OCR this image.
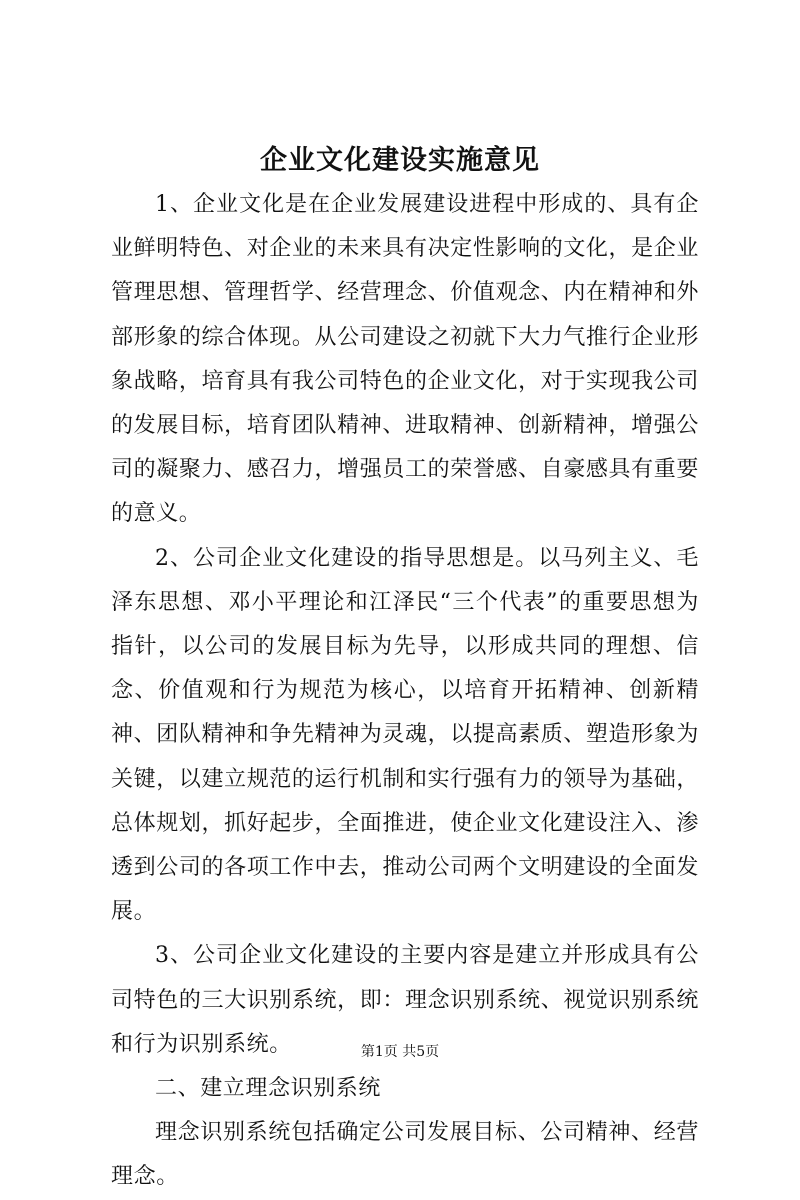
企业文化建设实施意见

1、企业文化是在企业发展建设进程中形成的、具有企业鲜明特色、对企业的未来具有决定性影响的文化，是企业管理思想、管理哲学、经营理念、价值观念、内在精神和外部形象的综合体现。从公司建设之初就下大力气推行企业形象战略，培育具有我公司特色的企业文化，对于实现我公司的发展目标，培育团队精神、进取精神、创新精神，增强公司的凝聚力、感召力，增强员工的荣誉感、自豪感具有重要的意义。

2、公司企业文化建设的指导思想是。以马列主义、毛泽东思想、邓小平理论和江泽民“三个代表”的重要思想为指针，以公司的发展目标为先导，以形成共同的理想、信念、价值观和行为规范为核心，以培育开拓精神、创新精神、团队精神和争先精神为灵魂，以提高素质、塑造形象为关键，以建立规范的运行机制和实行强有力的领导为基础，总体规划，抓好起步，全面推进，使企业文化建设注入、渗透到公司的各项工作中去，推动公司两个文明建设的全面发展。

3、公司企业文化建设的主要内容是建立并形成具有公司特色的三大识别系统，即：理念识别系统、视觉识别系统和行为识别系统。

二、建立理念识别系统

理念识别系统包括确定公司发展目标、公司精神、经营理念。

第1页 共5页
